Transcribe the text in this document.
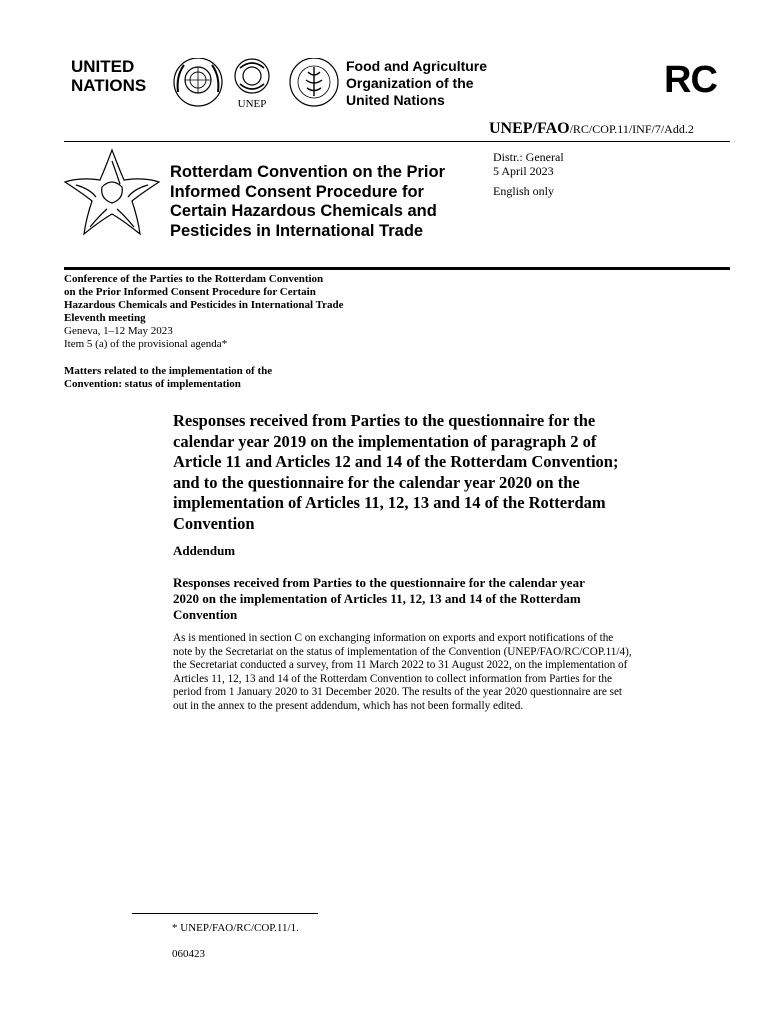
UNITED
NATIONS
UNEP
Food and Agriculture
Organization of the
United Nations	RC
UNEP/FAO/RC/COP.11/INF/7/Add.2
Rotterdam Convention on the Prior
Informed Consent Procedure for
Certain Hazardous Chemicals and
Pesticides in International Trade
Distr.: General
5 April 2023
English only
Conference of the Parties to the Rotterdam Convention
on the Prior Informed Consent Procedure for Certain
Hazardous Chemicals and Pesticides in International Trade
Eleventh meeting
Geneva, 1–12 May 2023
Item 5 (a) of the provisional agenda*
Matters related to the implementation of the
Convention: status of implementation
Responses received from Parties to the questionnaire for the
calendar year 2019 on the implementation of paragraph 2 of
Article 11 and Articles 12 and 14 of the Rotterdam Convention;
and to the questionnaire for the calendar year 2020 on the
implementation of Articles 11, 12, 13 and 14 of the Rotterdam
Convention
Addendum
Responses received from Parties to the questionnaire for the calendar year
2020 on the implementation of Articles 11, 12, 13 and 14 of the Rotterdam
Convention
As is mentioned in section C on exchanging information on exports and export notifications of the
note by the Secretariat on the status of implementation of the Convention (UNEP/FAO/RC/COP.11/4),
the Secretariat conducted a survey, from 11 March 2022 to 31 August 2022, on the implementation of
Articles 11, 12, 13 and 14 of the Rotterdam Convention to collect information from Parties for the
period from 1 January 2020 to 31 December 2020. The results of the year 2020 questionnaire are set
out in the annex to the present addendum, which has not been formally edited.
* UNEP/FAO/RC/COP.11/1.
060423
